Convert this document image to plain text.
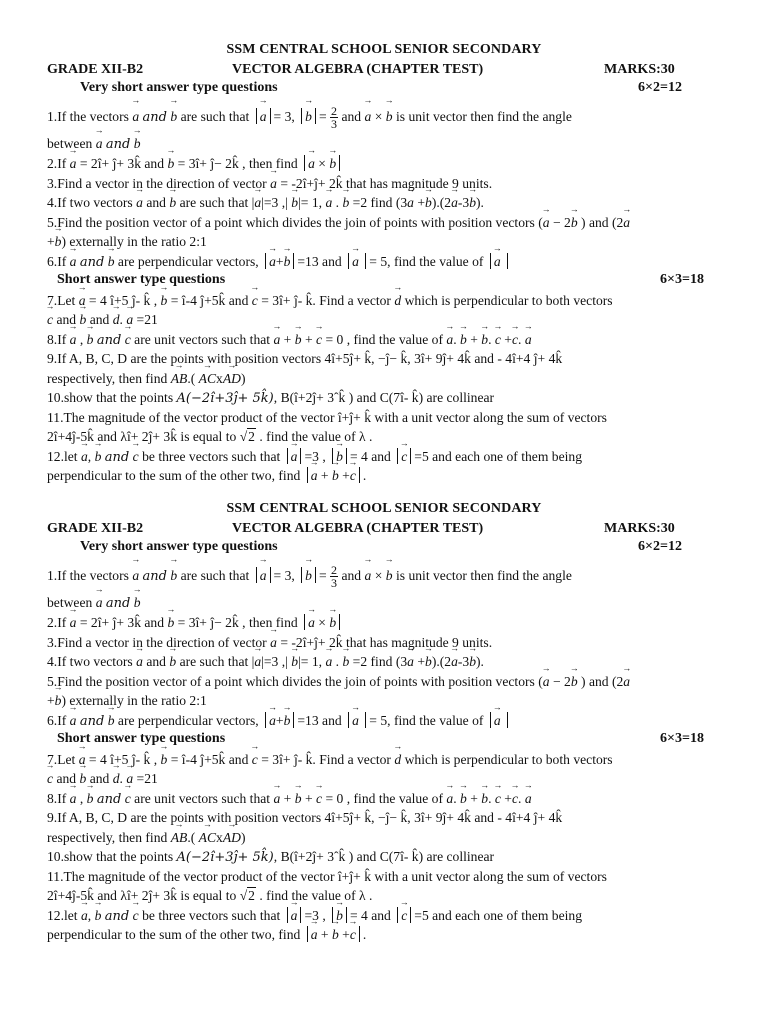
SSM CENTRAL SCHOOL SENIOR SECONDARY
GRADE XII-B2	VECTOR ALGEBRA (CHAPTER TEST)	MARKS:30
Very short answer type questions	6×2=12
1.If the vectors → a and → b are such that → a = 3, → $b = \frac{2}{3}$ and → a × → b is unit vector then find the angle
between → a and → b
2.If → a = 2î+ ĵ+ 3k̂ and → b = 3î+ ĵ− 2k̂ , then find → a × → b
3.Find a vector in the direction of vector → a = -2î+ĵ+ 2k̂ that has magnitude 9 units.
4.If two vectors → a and → b are such that |→ a|=3 ,| → b|= 1, → a . → b =2 find (3→ a +→ b).(2→ a-3→ b).
5.Find the position vector of a point which divides the join of points with position vectors (→ a − 2→ b ) and (2→ a
+→ b) externally in the ratio 2:1
6.If → a and → b are perpendicular vectors, → a+→ b =13 and → a = 5, find the value of → a
Short answer type questions	6×3=18
7.Let → a = 4 î+5 ĵ- k̂ , → b = î-4 ĵ+5k̂ and → c = 3î+ ĵ- k̂. Find a vector → d which is perpendicular to both vectors
→ c and → b and → d. → a =21
8.If → a , → b and → c are unit vectors such that → a + → b + → c = 0 , find the value of → a. → b + → b. → c +→ c. → a
9.If A, B, C, D are the points with position vectors 4î+5ĵ+ k̂, −ĵ− k̂, 3î+ 9ĵ+ 4k̂ and - 4î+4 ĵ+ 4k̂
respectively, then find → AB.( → ACx→ AD)
10.show that the points A(−2î+3ĵ+ 5k̂), B(î+2ĵ+ 3ˆk̂ ) and C(7î- k̂) are collinear
11.The magnitude of the vector product of the vector î+ĵ+ k̂ with a unit vector along the sum of vectors
2î+4ĵ-5k̂ and λî+ 2ĵ+ 3k̂ is equal to √2 . find the value of λ .
12.let → a, → b and → c be three vectors such that → a =3 , → b = 4 and → c =5 and each one of them being
perpendicular to the sum of the other two, find → a + → b +→ c .
SSM CENTRAL SCHOOL SENIOR SECONDARY
GRADE XII-B2	VECTOR ALGEBRA (CHAPTER TEST)	MARKS:30
Very short answer type questions	6×2=12
1.If the vectors → a and → b are such that → a = 3, → $b = \frac{2}{3}$ and → a × → b is unit vector then find the angle
between → a and → b
2.If → a = 2î+ ĵ+ 3k̂ and → b = 3î+ ĵ− 2k̂ , then find → a × → b
3.Find a vector in the direction of vector → a = -2î+ĵ+ 2k̂ that has magnitude 9 units.
4.If two vectors → a and → b are such that |→ a|=3 ,| → b|= 1, → a . → b =2 find (3→ a +→ b).(2→ a-3→ b).
5.Find the position vector of a point which divides the join of points with position vectors (→ a − 2→ b ) and (2→ a
+→ b) externally in the ratio 2:1
6.If → a and → b are perpendicular vectors, → a+→ b =13 and → a = 5, find the value of → a
Short answer type questions	6×3=18
7.Let → a = 4 î+5 ĵ- k̂ , → b = î-4 ĵ+5k̂ and → c = 3î+ ĵ- k̂. Find a vector → d which is perpendicular to both vectors
→ c and → b and → d. → a =21
8.If → a , → b and → c are unit vectors such that → a + → b + → c = 0 , find the value of → a. → b + → b. → c +→ c. → a
9.If A, B, C, D are the points with position vectors 4î+5ĵ+ k̂, −ĵ− k̂, 3î+ 9ĵ+ 4k̂ and - 4î+4 ĵ+ 4k̂
respectively, then find → AB.( → ACx→ AD)
10.show that the points A(−2î+3ĵ+ 5k̂), B(î+2ĵ+ 3ˆk̂ ) and C(7î- k̂) are collinear
11.The magnitude of the vector product of the vector î+ĵ+ k̂ with a unit vector along the sum of vectors
2î+4ĵ-5k̂ and λî+ 2ĵ+ 3k̂ is equal to √2 . find the value of λ .
12.let → a, → b and → c be three vectors such that → a =3 , → b = 4 and → c =5 and each one of them being
perpendicular to the sum of the other two, find → a + → b +→ c .
